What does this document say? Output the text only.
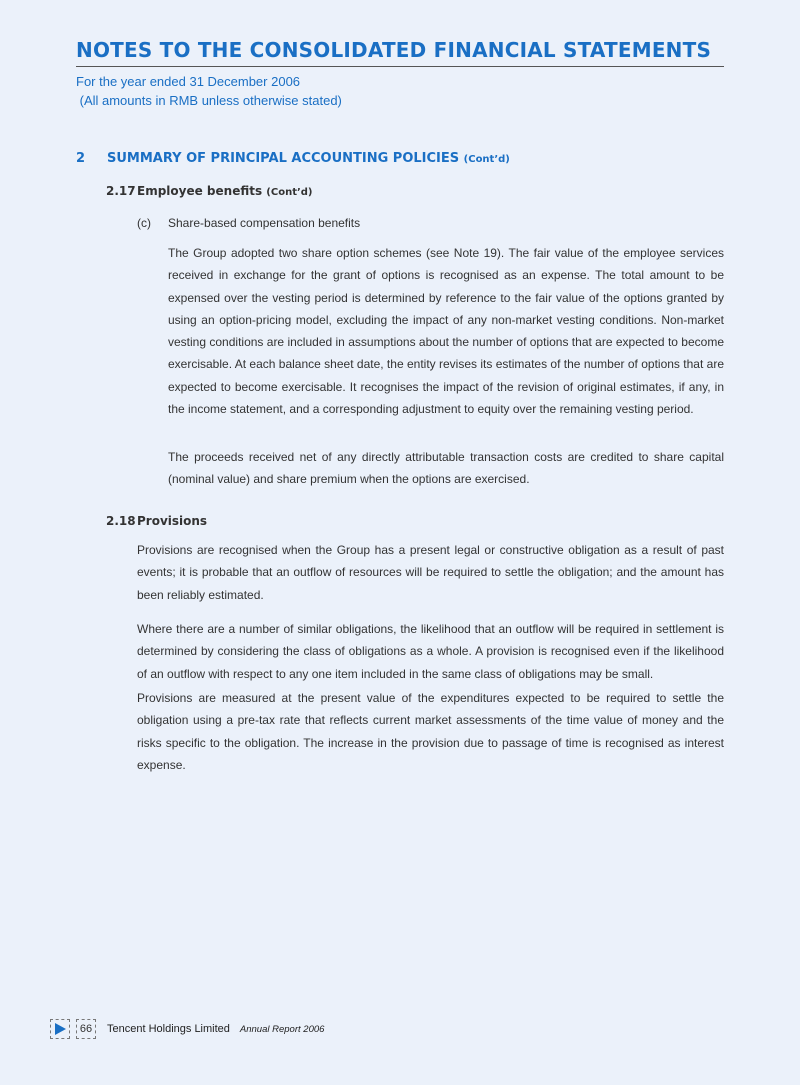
NOTES TO THE CONSOLIDATED FINANCIAL STATEMENTS
For the year ended 31 December 2006
(All amounts in RMB unless otherwise stated)
2 SUMMARY OF PRINCIPAL ACCOUNTING POLICIES (Cont’d)
2.17Employee benefits (Cont’d)
(c) Share-based compensation benefits

The Group adopted two share option schemes (see Note 19). The fair value of the employee services received in exchange for the grant of options is recognised as an expense. The total amount to be expensed over the vesting period is determined by reference to the fair value of the options granted by using an option-pricing model, excluding the impact of any non-market vesting conditions. Non-market vesting conditions are included in assumptions about the number of options that are expected to become exercisable. At each balance sheet date, the entity revises its estimates of the number of options that are expected to become exercisable. It recognises the impact of the revision of original estimates, if any, in the income statement, and a corresponding adjustment to equity over the remaining vesting period.

The proceeds received net of any directly attributable transaction costs are credited to share capital (nominal value) and share premium when the options are exercised.

2.18Provisions

Provisions are recognised when the Group has a present legal or constructive obligation as a result of past events; it is probable that an outflow of resources will be required to settle the obligation; and the amount has been reliably estimated.

Where there are a number of similar obligations, the likelihood that an outflow will be required in settlement is determined by considering the class of obligations as a whole. A provision is recognised even if the likelihood of an outflow with respect to any one item included in the same class of obligations may be small.

Provisions are measured at the present value of the expenditures expected to be required to settle the obligation using a pre-tax rate that reflects current market assessments of the time value of money and the risks specific to the obligation. The increase in the provision due to passage of time is recognised as interest expense.

66	Tencent Holdings Limited Annual Report 2006
